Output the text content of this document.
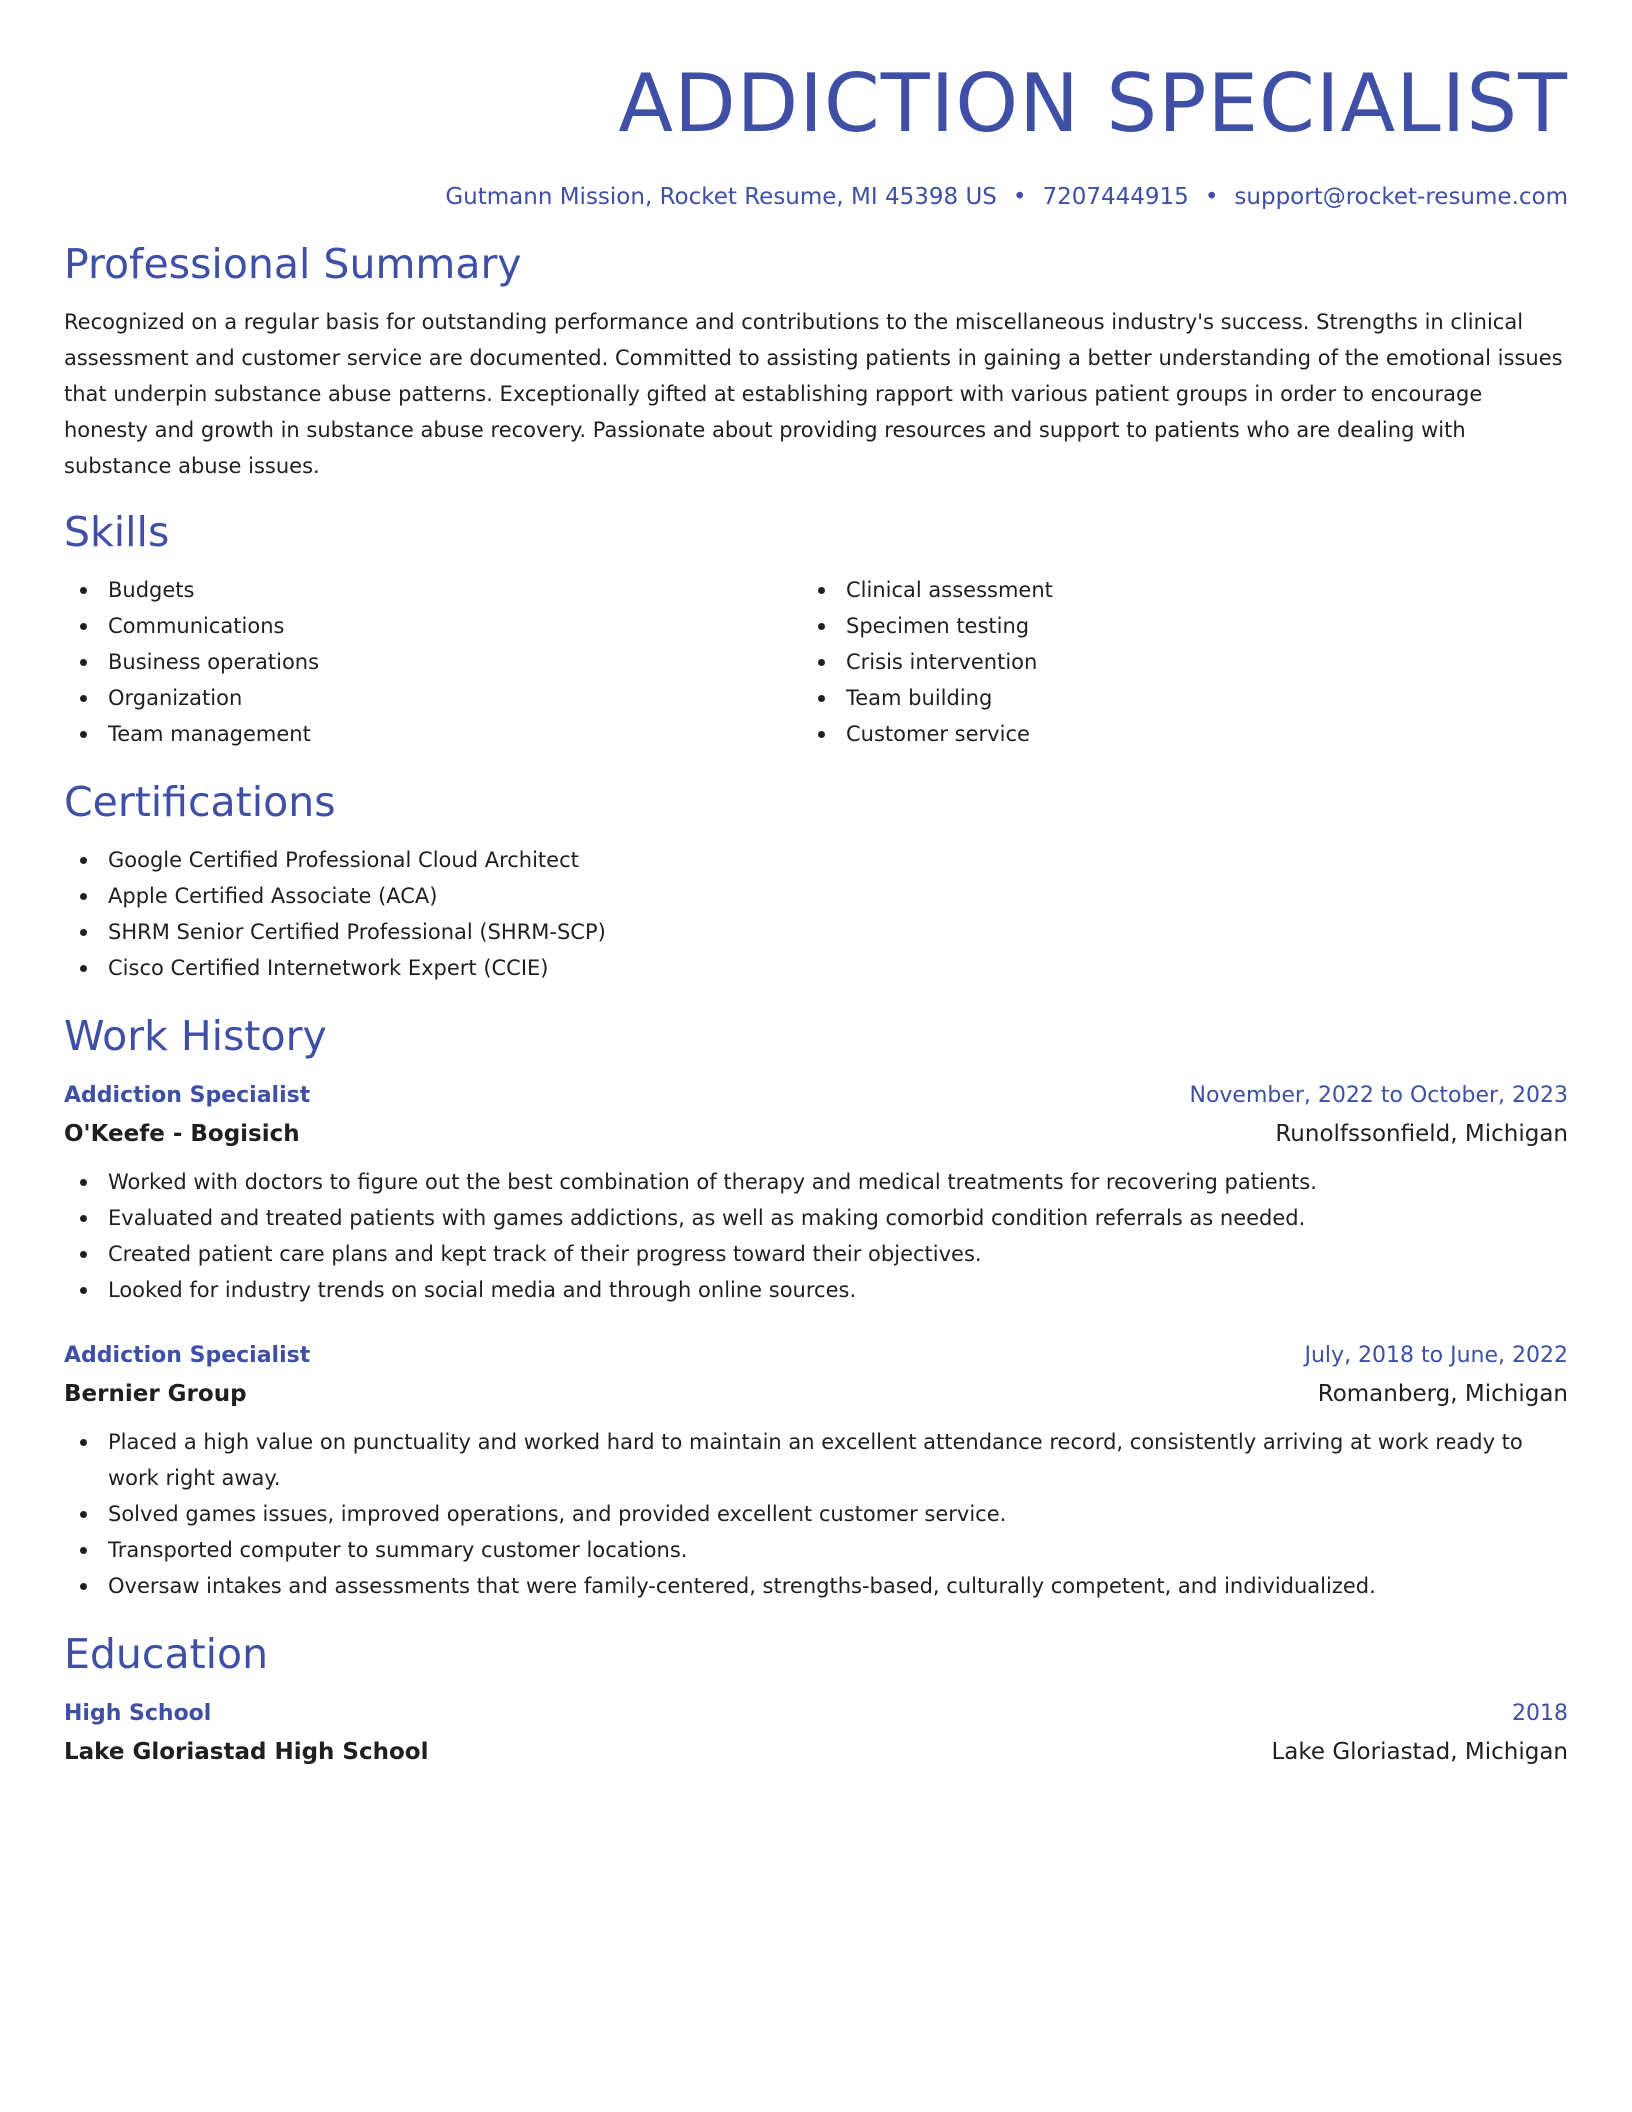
ADDICTION SPECIALIST
Gutmann Mission, Rocket Resume, MI 45398 US • 7207444915 • support@rocket-resume.com
Professional Summary

Recognized on a regular basis for outstanding performance and contributions to the miscellaneous industry's success. Strengths in clinical assessment and customer service are documented. Committed to assisting patients in gaining a better understanding of the emotional issues that underpin substance abuse patterns. Exceptionally gifted at establishing rapport with various patient groups in order to encourage honesty and growth in substance abuse recovery. Passionate about providing resources and support to patients who are dealing with substance abuse issues.

Skills
Budgets
Communications
Business operations
Organization
Team management
Clinical assessment
Specimen testing
Crisis intervention
Team building
Customer service
Certifications
Google Certified Professional Cloud Architect
Apple Certified Associate (ACA)
SHRM Senior Certified Professional (SHRM-SCP)
Cisco Certified Internetwork Expert (CCIE)
Work History
Addiction Specialist	November, 2022 to October, 2023
O'Keefe - Bogisich	Runolfssonfield, Michigan
Worked with doctors to figure out the best combination of therapy and medical treatments for recovering patients.
Evaluated and treated patients with games addictions, as well as making comorbid condition referrals as needed.
Created patient care plans and kept track of their progress toward their objectives.
Looked for industry trends on social media and through online sources.
Addiction Specialist	July, 2018 to June, 2022
Bernier Group	Romanberg, Michigan
Placed a high value on punctuality and worked hard to maintain an excellent attendance record, consistently arriving at work ready to work right away.
Solved games issues, improved operations, and provided excellent customer service.
Transported computer to summary customer locations.
Oversaw intakes and assessments that were family-centered, strengths-based, culturally competent, and individualized.
Education
High School	2018
Lake Gloriastad High School	Lake Gloriastad, Michigan
